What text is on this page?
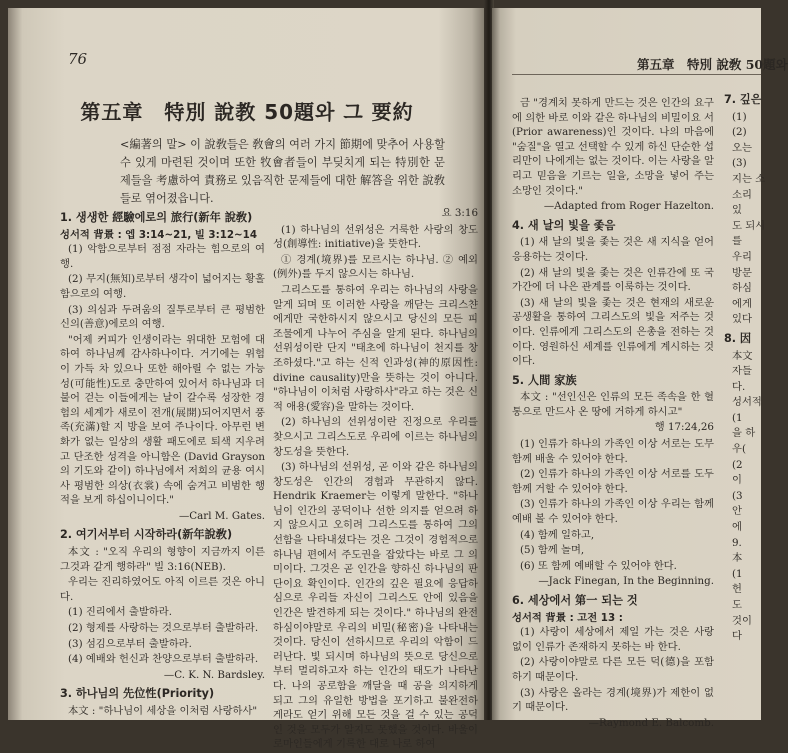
76
第五章　特別 說教 50題와 그 要約
<編著의 말> 이 說敎들은 敎會의 여러 가지 節期에 맞추어 사용할 수 있게 마련된 것이며 또한 牧會者들이 부딪치게 되는 特別한 문제들을 考慮하여 責務로 있음직한 문제들에 대한 解答을 위한 說敎들로 엮어졌읍니다.
1. 생생한 經驗에로의 旅行(新年 說敎)
성서적 背景 : 엡 3:14~21, 빌 3:12~14
(1) 악함으로부터 점점 자라는 힘으로의 여행.
(2) 무지(無知)로부터 생각이 넓어지는 황홀함으로의 여행.
(3) 의심과 두려움의 질투로부터 큰 평범한 신의(善意)에로의 여행.
"어제 커피가 인생이라는 위대한 모험에 대하여 하나님께 감사하나이다. 거기에는 위험이 가득 차 있으나 또한 해아릴 수 없는 가능성(可能性)도로 충만하여 있어서 하나님과 더불어 걷는 이들에게는 날이 갈수록 성장한 경험의 세계가 새로이 전개(展開)되어지면서 풍족(充滿)할 지 방을 보여 주나이다. 아무런 변화가 없는 일상의 생활 패도에로 퇴색 지우려고 단조한 성격을 아니함은 (David Grayson의 기도와 같이) 하나님에서 저희의 균용 여시사 평범한 의상(衣裳) 속에 숨겨고 비범한 행적을 보게 하십이니이다."
—Carl M. Gates.
2. 여기서부터 시작하라(新年說敎)
本文 : "오직 우리의 형향이 지금까지 이른 그것과 같게 행하라" 빌 3:16(NEB).
우리는 진리하였어도 아직 이르른 것은 아니다.
(1) 진리에서 출발하라.
(2) 형제를 사랑하는 것으로부터 출발하라.
(3) 섬김으로부터 출발하라.
(4) 예배와 헌신과 찬양으로부터 출발하라.
—C. K. N. Bardsley.
3. 하나님의 先位性(Priority)
本文 : "하나님이 세상을 이처럼 사랑하사"
요 3:16
(1) 하나님의 선위성은 거룩한 사랑의 창도성(創導性: initiative)을 뜻한다.
① 경계(境界)를 모르시는 하나님. ② 예외(例外)를 두지 않으시는 하나님.
그리스도를 통하여 우리는 하나님의 사랑을 알게 되며 또 이러한 사랑을 깨닫는 크리스챤에게만 국한하시지 않으시고 당신의 모든 피조물에게 나누어 주심을 알게 된다. 하나님의 선위성이란 단지 "태초에 하나님이 천지를 창조하셨다."고 하는 신적 인과성(神的原因性: divine causality)만을 뜻하는 것이 아니다. "하나님이 이처럼 사랑하사"라고 하는 것은 신적 애용(愛容)을 말하는 것이다.
(2) 하나님의 선위성이란 진정으로 우리를 찾으시고 그리스도로 우리에 이르는 하나님의 창도성을 뜻한다.
(3) 하나님의 선위성, 곧 이와 같은 하나님의 창도성은 인간의 경험과 무관하지 않다. Hendrik Kraemer는 이렇게 말한다. "하나님이 인간의 공덕이나 선한 의지를 얻으려 하지 않으시고 오히려 그리스도를 통하여 그의 선함을 나타내셨다는 것은 그것이 경험적으로 하나님 편에서 주도권을 잡았다는 바로 그 의미이다. 그것은 곧 인간을 향하신 하나님의 판단이요 확인이다. 인간의 깊은 필요에 응답하심으로 우리들 자신이 그리스도 안에 있음을 인간은 발견하게 되는 것이다." 하나님의 완전하심이야말로 우리의 비밀(秘密)을 나타내는 것이다. 당신이 선하시므로 우리의 악함이 드러난다. 빛 되시며 하나님의 뜻으로 당신으로부터 멀리하고자 하는 인간의 태도가 나타난다. 나의 공로함을 깨달을 때 공을 의지하게 되고 그의 유일한 방법을 포기하고 불완전하게라도 얻기 위해 모든 것을 걸 수 있는 공덕인 것을 모두가 알지도 못했을 것이다. 바울이 로마인들에게 기록한 대로 나로 하여
第五章　特別 說敎 50題와
금 "경계치 못하게 만드는 것은 인간의 요구에 의한 바로 이와 같은 하나님의 비밀이요 서(Prior awareness)인 것이다. 나의 마음에 "숨질"을 열고 선택할 수 있게 하신 단순한 섭리만이 나에게는 없는 것이다. 이는 사랑을 알리고 믿음을 기르는 일을, 소망을 넣어 주는 소망인 것이다."
—Adapted from Roger Hazelton.
4. 새 날의 빛을 좇음
(1) 새 날의 빛을 좇는 것은 새 지식을 얻어 응용하는 것이다.
(2) 새 날의 빛을 좇는 것은 인류간에 또 국가간에 더 나은 관계를 이룩하는 것이다.
(3) 새 날의 빛을 좇는 것은 현재의 새로운 공생활을 통하여 그리스도의 빛을 저주는 것이다. 인류에게 그리스도의 은총을 전하는 것이다. 영원하신 세계를 인류에게 계시하는 것이다.
5. 人間 家族
本文 : "선인신은 인류의 모든 족속을 한 혈통으로 만드사 온 땅에 거하게 하시고"
행 17:24,26
(1) 인류가 하나의 가족인 이상 서로는 도무 함께 배울 수 있어야 한다.
(2) 인류가 하나의 가족인 이상 서로를 도두 함께 거할 수 있어야 한다.
(3) 인류가 하나의 가족인 이상 우리는 함께 예배 볼 수 있어야 한다.
(4) 함께 일하고,
(5) 함께 놀며,
(6) 또 함께 예배할 수 있어야 한다.
—Jack Finegan, In the Beginning.
6. 세상에서 第一 되는 것
성서적 背景 : 고전 13 :
(1) 사랑이 세상에서 제일 가는 것은 사랑 없이 인류가 존재하지 못하는 바 한다.
(2) 사랑이야말로 다른 모든 덕(德)을 포함하기 때문이다.
(3) 사랑은 올라는 경계(境界)가 제한이 없기 때문이다.
—Raymond E. Balcomb.
7. 깊은
(1)
(2)
오는
(3)
지는 소
소리
있
도 되시
를
우리
방문
하심
에게
있다
8. 因
本文
자들
다.
성서적
(1
을 하
우(
(2
이
(3
안
에
9.
本
(1
헌
도
것이
다
